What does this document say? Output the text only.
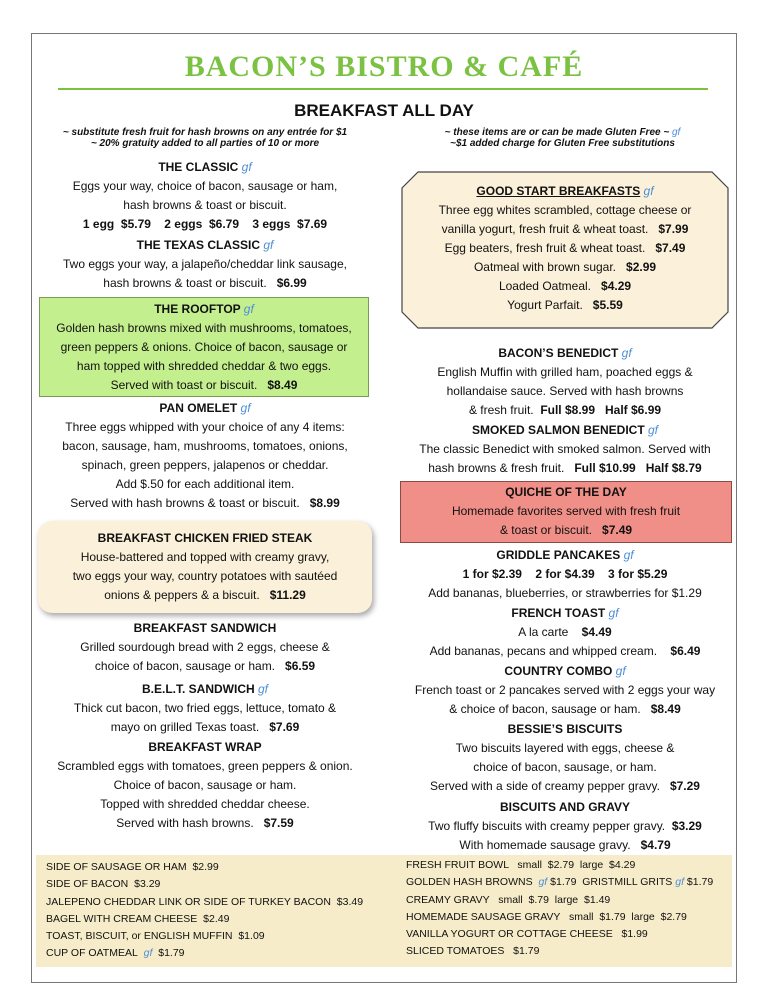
BACON’S BISTRO & CAFÉ
BREAKFAST ALL DAY
~ substitute fresh fruit for hash browns on any entrée for $1
~ 20% gratuity added to all parties of 10 or more
~ these items are or can be made Gluten Free ~ gf
~$1 added charge for Gluten Free substitutions
THE CLASSIC gf
Eggs your way, choice of bacon, sausage or ham,
hash browns & toast or biscuit.
1 egg  $5.79    2 eggs  $6.79    3 eggs  $7.69
THE TEXAS CLASSIC gf
Two eggs your way, a jalapeño/cheddar link sausage,
hash browns & toast or biscuit. $6.99
THE ROOFTOP gf
Golden hash browns mixed with mushrooms, tomatoes,
green peppers & onions. Choice of bacon, sausage or
ham topped with shredded cheddar & two eggs.
Served with toast or biscuit. $8.49
PAN OMELET gf
Three eggs whipped with your choice of any 4 items:
bacon, sausage, ham, mushrooms, tomatoes, onions,
spinach, green peppers, jalapenos or cheddar.
Add $.50 for each additional item.
Served with hash browns & toast or biscuit. $8.99
BREAKFAST CHICKEN FRIED STEAK
House-battered and topped with creamy gravy,
two eggs your way, country potatoes with sautéed
onions & peppers & a biscuit. $11.29
BREAKFAST SANDWICH
Grilled sourdough bread with 2 eggs, cheese &
choice of bacon, sausage or ham. $6.59
B.E.L.T. SANDWICH gf
Thick cut bacon, two fried eggs, lettuce, tomato &
mayo on grilled Texas toast. $7.69
BREAKFAST WRAP
Scrambled eggs with tomatoes, green peppers & onion.
Choice of bacon, sausage or ham.
Topped with shredded cheddar cheese.
Served with hash browns. $7.59
GOOD START BREAKFASTS gf
Three egg whites scrambled, cottage cheese or
vanilla yogurt, fresh fruit & wheat toast. $7.99
Egg beaters, fresh fruit & wheat toast. $7.49
Oatmeal with brown sugar. $2.99
Loaded Oatmeal. $4.29
Yogurt Parfait. $5.59
BACON’S BENEDICT gf
English Muffin with grilled ham, poached eggs &
hollandaise sauce. Served with hash browns
& fresh fruit. Full $8.99   Half $6.99
SMOKED SALMON BENEDICT gf
The classic Benedict with smoked salmon. Served with
hash browns & fresh fruit. Full $10.99   Half $8.79
QUICHE OF THE DAY
Homemade favorites served with fresh fruit
& toast or biscuit. $7.49
GRIDDLE PANCAKES gf
1 for $2.39    2 for $4.39    3 for $5.29
Add bananas, blueberries, or strawberries for $1.29
FRENCH TOAST gf
A la carte $4.49
Add bananas, pecans and whipped cream. $6.49
COUNTRY COMBO gf
French toast or 2 pancakes served with 2 eggs your way
& choice of bacon, sausage or ham. $8.49
BESSIE’S BISCUITS
Two biscuits layered with eggs, cheese &
choice of bacon, sausage, or ham.
Served with a side of creamy pepper gravy. $7.29
BISCUITS AND GRAVY
Two fluffy biscuits with creamy pepper gravy. $3.29
With homemade sausage gravy. $4.79
SIDE OF SAUSAGE OR HAM $2.99
SIDE OF BACON $3.29
JALEPENO CHEDDAR LINK OR SIDE OF TURKEY BACON $3.49
BAGEL WITH CREAM CHEESE $2.49
TOAST, BISCUIT, or ENGLISH MUFFIN $1.09
CUP OF OATMEAL gf $1.79
FRESH FRUIT BOWL   small  $2.79  large  $4.29
GOLDEN HASH BROWNS gf $1.79 GRISTMILL GRITS gf $1.79
CREAMY GRAVY   small  $.79  large  $1.49
HOMEMADE SAUSAGE GRAVY   small  $1.79  large  $2.79
VANILLA YOGURT OR COTTAGE CHEESE   $1.99
SLICED TOMATOES   $1.79
